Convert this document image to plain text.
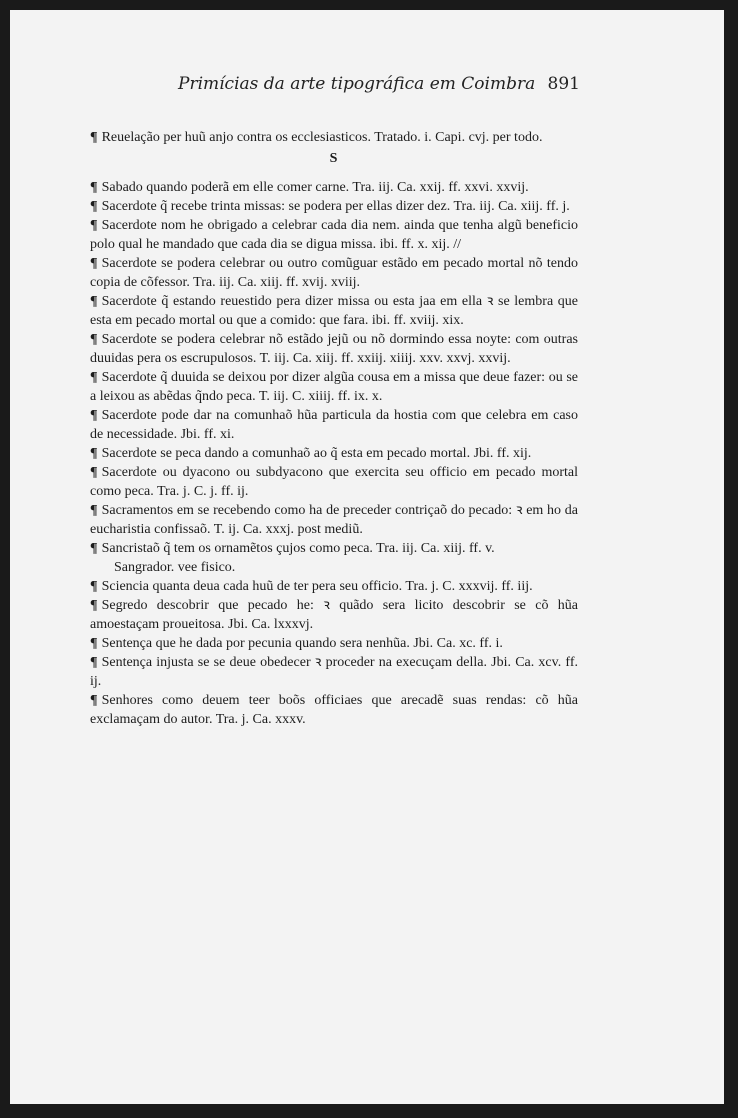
Primícias da arte tipográfica em Coimbra 891

¶ Reuelação per huũ anjo contra os ecclesiasticos. Tratado. i. Capi. cvj. per todo.

S

¶ Sabado quando poderã em elle comer carne. Tra. iij. Ca. xxij. ff. xxvi. xxvij.

¶ Sacerdote q̃ recebe trinta missas: se podera per ellas dizer dez. Tra. iij. Ca. xiij. ff. j.

¶ Sacerdote nom he obrigado a celebrar cada dia nem. ainda que tenha algũ beneficio polo qual he mandado que cada dia se digua missa. ibi. ff. x. xij. //

¶ Sacerdote se podera celebrar ou outro comũguar estãdo em pecado mortal nõ tendo copia de cõfessor. Tra. iij. Ca. xiij. ff. xvij. xviij.

¶ Sacerdote q̃ estando reuestido pera dizer missa ou esta jaa em ella ꝛ se lembra que esta em pecado mortal ou que a comido: que fara. ibi. ff. xviij. xix.

¶ Sacerdote se podera celebrar nõ estãdo jejũ ou nõ dormindo essa noyte: com outras duuidas pera os escrupulosos. T. iij. Ca. xiij. ff. xxiij. xiiij. xxv. xxvj. xxvij.

¶ Sacerdote q̃ duuida se deixou por dizer algũa cousa em a missa que deue fazer: ou se a leixou as abẽdas q̃ndo peca. T. iij. C. xiiij. ff. ix. x.

¶ Sacerdote pode dar na comunhaõ hũa particula da hostia com que celebra em caso de necessidade. Jbi. ff. xi.

¶ Sacerdote se peca dando a comunhaõ ao q̃ esta em pecado mortal. Jbi. ff. xij.

¶ Sacerdote ou dyacono ou subdyacono que exercita seu officio em pecado mortal como peca. Tra. j. C. j. ff. ij.

¶ Sacramentos em se recebendo como ha de preceder contriçaõ do pecado: ꝛ em ho da eucharistia confissaõ. T. ij. Ca. xxxj. post mediũ.

¶ Sancristaõ q̃ tem os ornamẽtos çujos como peca. Tra. iij. Ca. xiij. ff. v.

Sangrador. vee fisico.

¶ Sciencia quanta deua cada huũ de ter pera seu officio. Tra. j. C. xxxvij. ff. iij.

¶ Segredo descobrir que pecado he: ꝛ quãdo sera licito descobrir se cõ hũa amoestaçam proueitosa. Jbi. Ca. lxxxvj.

¶ Sentença que he dada por pecunia quando sera nenhũa. Jbi. Ca. xc. ff. i.

¶ Sentença injusta se se deue obedecer ꝛ proceder na execuçam della. Jbi. Ca. xcv. ff. ij.

¶ Senhores como deuem teer boõs officiaes que arecadẽ suas rendas: cõ hũa exclamaçam do autor. Tra. j. Ca. xxxv.
